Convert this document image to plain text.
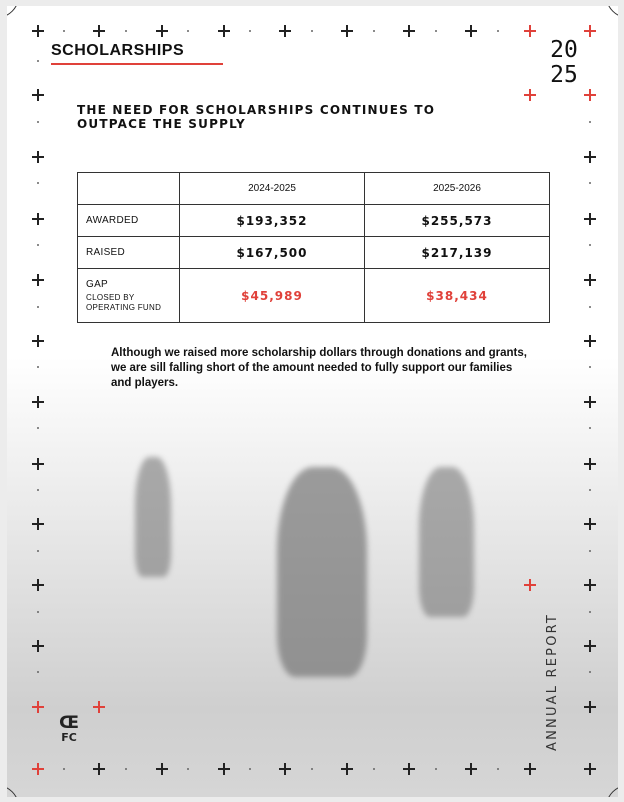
SCHOLARSHIPS	20
25
THE NEED FOR SCHOLARSHIPS CONTINUES TO OUTPACE THE SUPPLY
	2024-2025	2025-2026
AWARDED	$193,352	$255,573
RAISED	$167,500	$217,139
GAP
CLOSED BY OPERATING FUND	$45,989	$38,434
Although we raised more scholarship dollars through donations and grants, we are sill falling short of the amount needed to fully support our families and players.
ANNUAL REPORT
Œ
FC
